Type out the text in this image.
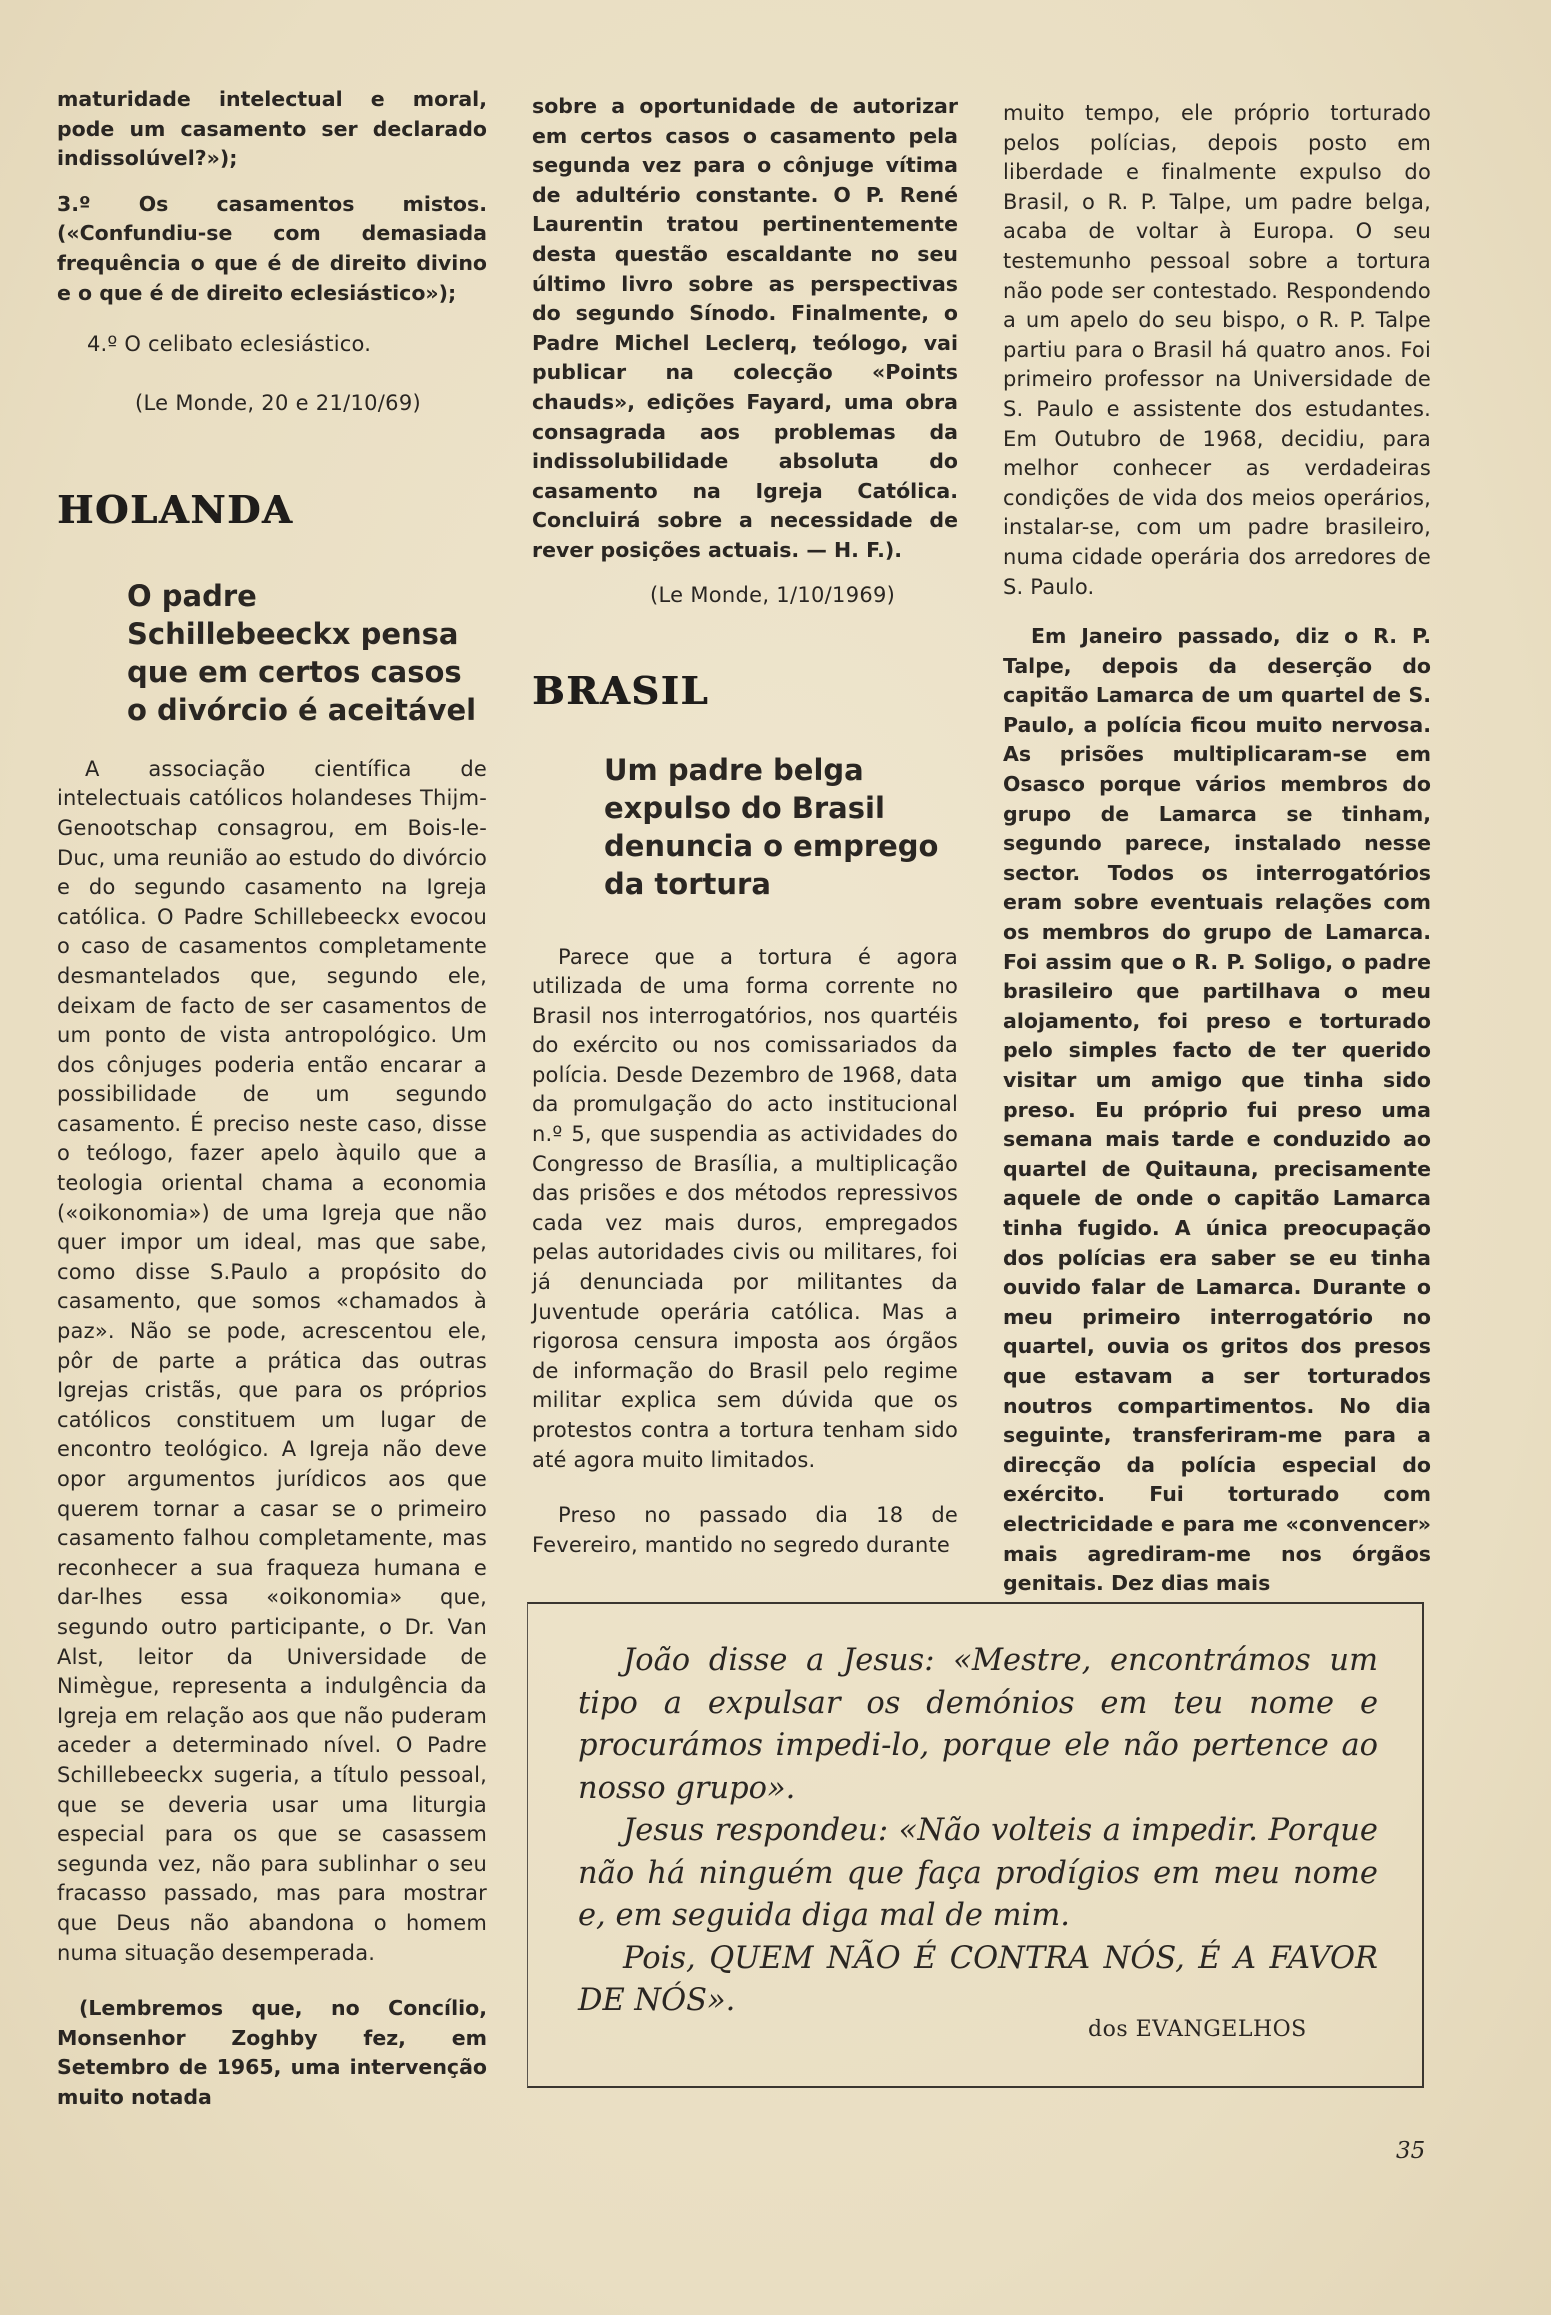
maturidade intelectual e moral, pode um casamento ser declarado indissolúvel?»);

3.º Os casamentos mistos. («Confundiu-se com demasiada frequência o que é de direito divino e o que é de direito eclesiástico»);

4.º O celibato eclesiástico.

(Le Monde, 20 e 21/10/69)

HOLANDA

O padre Schillebeeckx pensa que em certos casos o divórcio é aceitável

A associação científica de intelectuais católicos holandeses Thijm-Genootschap consagrou, em Bois-le-Duc, uma reunião ao estudo do divórcio e do segundo casamento na Igreja católica. O Padre Schillebeeckx evocou o caso de casamentos completamente desmantelados que, segundo ele, deixam de facto de ser casamentos de um ponto de vista antropológico. Um dos cônjuges poderia então encarar a possibilidade de um segundo casamento. É preciso neste caso, disse o teólogo, fazer apelo àquilo que a teologia oriental chama a economia («oikonomia») de uma Igreja que não quer impor um ideal, mas que sabe, como disse S.Paulo a propósito do casamento, que somos «chamados à paz». Não se pode, acrescentou ele, pôr de parte a prática das outras Igrejas cristãs, que para os próprios católicos constituem um lugar de encontro teológico. A Igreja não deve opor argumentos jurídicos aos que querem tornar a casar se o primeiro casamento falhou completamente, mas reconhecer a sua fraqueza humana e dar-lhes essa «oikonomia» que, segundo outro participante, o Dr. Van Alst, leitor da Universidade de Nimègue, representa a indulgência da Igreja em relação aos que não puderam aceder a determinado nível. O Padre Schillebeeckx sugeria, a título pessoal, que se deveria usar uma liturgia especial para os que se casassem segunda vez, não para sublinhar o seu fracasso passado, mas para mostrar que Deus não abandona o homem numa situação desemperada.

(Lembremos que, no Concílio, Monsenhor Zoghby fez, em Setembro de 1965, uma intervenção muito notada

sobre a oportunidade de autorizar em certos casos o casamento pela segunda vez para o cônjuge vítima de adultério constante. O P. René Laurentin tratou pertinentemente desta questão escaldante no seu último livro sobre as perspectivas do segundo Sínodo. Finalmente, o Padre Michel Leclerq, teólogo, vai publicar na colecção «Points chauds», edições Fayard, uma obra consagrada aos problemas da indissolubilidade absoluta do casamento na Igreja Católica. Concluirá sobre a necessidade de rever posições actuais. — H. F.).

(Le Monde, 1/10/1969)

BRASIL

Um padre belga expulso do Brasil denuncia o emprego da tortura

Parece que a tortura é agora utilizada de uma forma corrente no Brasil nos interrogatórios, nos quartéis do exército ou nos comissariados da polícia. Desde Dezembro de 1968, data da promulgação do acto institucional n.º 5, que suspendia as actividades do Congresso de Brasília, a multiplicação das prisões e dos métodos repressivos cada vez mais duros, empregados pelas autoridades civis ou militares, foi já denunciada por militantes da Juventude operária católica. Mas a rigorosa censura imposta aos órgãos de informação do Brasil pelo regime militar explica sem dúvida que os protestos contra a tortura tenham sido até agora muito limitados.

Preso no passado dia 18 de Fevereiro, mantido no segredo durante

muito tempo, ele próprio torturado pelos polícias, depois posto em liberdade e finalmente expulso do Brasil, o R. P. Talpe, um padre belga, acaba de voltar à Europa. O seu testemunho pessoal sobre a tortura não pode ser contestado. Respondendo a um apelo do seu bispo, o R. P. Talpe partiu para o Brasil há quatro anos. Foi primeiro professor na Universidade de S. Paulo e assistente dos estudantes. Em Outubro de 1968, decidiu, para melhor conhecer as verdadeiras condições de vida dos meios operários, instalar-se, com um padre brasileiro, numa cidade operária dos arredores de S. Paulo.

Em Janeiro passado, diz o R. P. Talpe, depois da deserção do capitão Lamarca de um quartel de S. Paulo, a polícia ficou muito nervosa. As prisões multiplicaram-se em Osasco porque vários membros do grupo de Lamarca se tinham, segundo parece, instalado nesse sector. Todos os interrogatórios eram sobre eventuais relações com os membros do grupo de Lamarca. Foi assim que o R. P. Soligo, o padre brasileiro que partilhava o meu alojamento, foi preso e torturado pelo simples facto de ter querido visitar um amigo que tinha sido preso. Eu próprio fui preso uma semana mais tarde e conduzido ao quartel de Quitauna, precisamente aquele de onde o capitão Lamarca tinha fugido. A única preocupação dos polícias era saber se eu tinha ouvido falar de Lamarca. Durante o meu primeiro interrogatório no quartel, ouvia os gritos dos presos que estavam a ser torturados noutros compartimentos. No dia seguinte, transferiram-me para a direcção da polícia especial do exército. Fui torturado com electricidade e para me «convencer» mais agrediram-me nos órgãos genitais. Dez dias mais

João disse a Jesus: «Mestre, encontrámos um tipo a expulsar os demónios em teu nome e procurámos impedi-lo, porque ele não pertence ao nosso grupo».

Jesus respondeu: «Não volteis a impedir. Porque não há ninguém que faça prodígios em meu nome e, em seguida diga mal de mim.

Pois, QUEM NÃO É CONTRA NÓS, É A FAVOR DE NÓS».

dos EVANGELHOS
35
